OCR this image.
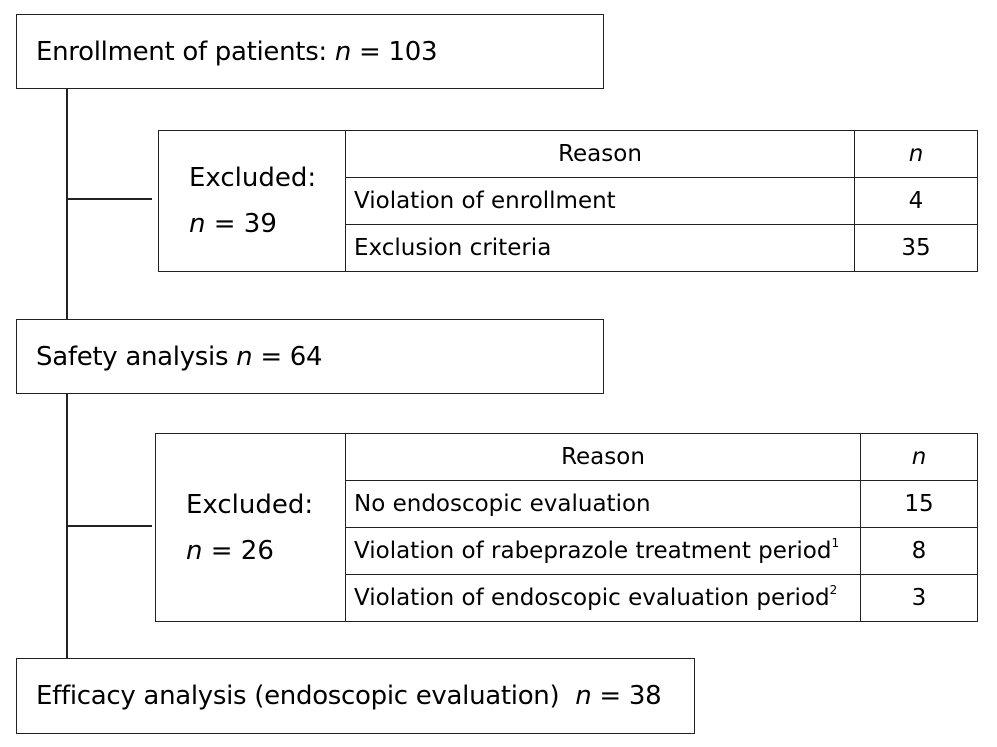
Enrollment of patients: n = 103
Excluded:
n = 39
Reason	n
Violation of enrollment	4
Exclusion criteria	35
Safety analysis n = 64
Excluded:
n = 26
Reason	n
No endoscopic evaluation	15
Violation of rabeprazole treatment period$^1$	8
Violation of endoscopic evaluation period$^2$	3
Efficacy analysis (endoscopic evaluation)  n = 38
